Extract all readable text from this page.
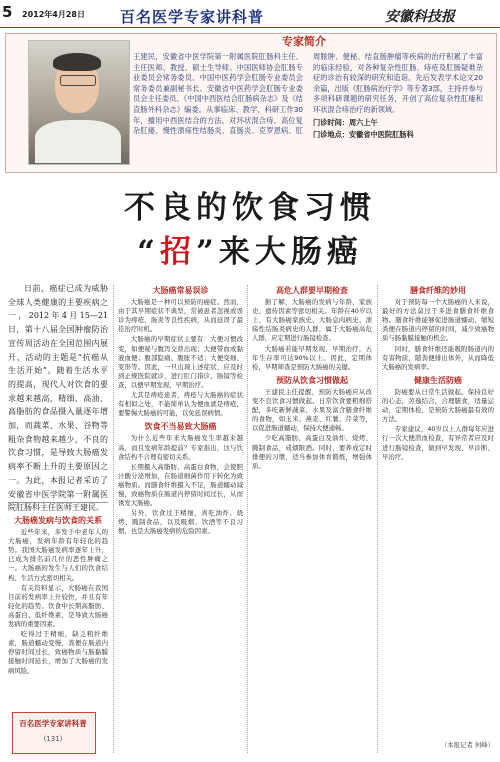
5 2012年4月28日 百名医学专家讲科普	安徽科技报
专家简介

王建民，安徽省中医学院第一附属医院肛肠科主任、主任医师、教授、硕士生导师。中国医师协会肛肠专业委员会常务委员、中国中医药学会肛肠专业委员会常务委员兼副秘书长、安徽省中医药学会肛肠专业委员会主任委员、《中国中西医结合肛肠病杂志》及《结直肠外科杂志》编委。从事临床、教学、科研工作30年，擅用中西医结合的方法，对环状混合痔、高位复杂肛瘘、慢性溃疡性结肠炎、直肠炎、克罗恩病、肛周脓肿、便秘、结直肠肿瘤等疾病的治疗积累了丰富的临床经验，对各种复杂性肛肠、痔疮及肛肠疑难杂症的诊治有较深的研究和造诣。先后发表学术论文20余篇，出版《肛肠病治疗学》等专著3部，主持并参与多项科研课题的研究任务，开创了高位复杂性肛瘘和环状混合痔治疗的新领域。

门诊时间：周六上午

门诊地点：安徽省中医院肛肠科

不良的饮食习惯
“招”来大肠癌

日前，癌症已成为威胁全球人类健康的主要疾病之一，2012年4月15—21日，第十八届全国肿瘤防治宣传周活动在全国范围内展开，活动的主题是“抗癌从生活开始”。随着生活水平的提高，现代人对饮食的要求越来越高，精细、高油、高脂肪的食品摄入量逐年增加，而蔬菜、水果、谷物等粗杂食物越来越少，不良的饮食习惯，是导致大肠癌发病率不断上升的主要原因之一。为此，本报记者采访了安徽省中医学院第一附属医院肛肠科主任医师王建民。

大肠癌发病与饮食的关系

近些年来，多发于中老年人的大肠癌，发病年龄有年轻化的趋势。我国大肠癌发病率逐年上升，已成为排名前几位的恶性肿瘤之一。大肠癌的发生与人们的饮食结构、生活方式密切相关。

有关资料显示，大肠癌在我国目前的发病率上升较快，并且有年轻化的趋势。饮食中长期高脂肪、高蛋白、低纤维素，是导致大肠癌发病的重要因素。

吃得过于精细，缺乏粗纤维素，肠道蠕动变慢，粪便在肠道内停留时间过长，致癌物质与肠黏膜接触时间延长，增加了大肠癌的发病风险。

百名医学专家讲科普
(131)

大肠癌常易误诊

大肠癌是一种可以预防的癌症。然而，由于其早期症状不典型，常被患者忽视或误诊为痔疮、肠炎等良性疾病，从而延误了最佳治疗时机。

大肠癌的早期症状主要有：大便习惯改变，如便秘与腹泻交替出现；大便带血或黏液血便；腹部隐痛、腹胀不适；大便变细、变形等。因此，一旦出现上述症状，应及时到正规医院就诊，进行肛门指诊、肠镜等检查，以便早期发现、早期治疗。

尤其是痔疮患者，痔疮与大肠癌的症状有相似之处，不能简单认为便血就是痔疮，要警惕大肠癌的可能，以免延误病情。

饮食不当易致大肠癌

为什么近些年来大肠癌发生率越来越高，而且发病年龄提前？专家指出，这与饮食结构不合理有密切关系。

长期摄入高脂肪、高蛋白食物，会使胆汁酸分泌增加，在肠道细菌作用下转化为致癌物质。而膳食纤维摄入不足，肠道蠕动减慢，致癌物质在肠道内停留时间过长，从而诱发大肠癌。

另外，饮食过于精细，喜吃油炸、烧烤、腌制食品，以及吸烟、饮酒等不良习惯，也是大肠癌发病的危险因素。

高危人群要早期检查

据了解，大肠癌的发病与年龄、家族史、遗传因素等密切相关。年龄在40岁以上、有大肠癌家族史、大肠息肉病史、溃疡性结肠炎病史的人群，属于大肠癌高危人群，应定期进行肠镜检查。

大肠癌若能早期发现、早期治疗，五年生存率可达90%以上。因此，定期体检，早期筛查是预防大肠癌的关键。

预防从饮食习惯做起

王建民主任提醒，预防大肠癌应从改变不良饮食习惯做起。日常饮食要粗细搭配，多吃新鲜蔬菜、水果及富含膳食纤维的食物，如玉米、燕麦、红薯、芹菜等，以促进肠道蠕动，保持大便通畅。

少吃高脂肪、高蛋白及油炸、烧烤、腌制食品，戒烟限酒。同时，要养成定时排便的习惯，适当参加体育锻炼，增强体质。

膳食纤维的妙用

对于预防每一个大肠癌的人来说，最好的方法莫过于多进食膳食纤维食物。膳食纤维能够促进肠道蠕动，缩短粪便在肠道内停留的时间，减少致癌物质与肠黏膜接触的机会。

同时，膳食纤维还能吸附肠道内的有害物质，随粪便排出体外，从而降低大肠癌的发病率。

健康生活防癌

防癌要从日常生活做起。保持良好的心态，劳逸结合，合理膳食，适量运动，定期体检，是预防大肠癌最有效的方法。

专家建议，40岁以上人群每年应进行一次大便潜血检查，有异常者应及时进行肠镜检查，做到早发现、早诊断、早治疗。

（本报记者 何峰）
